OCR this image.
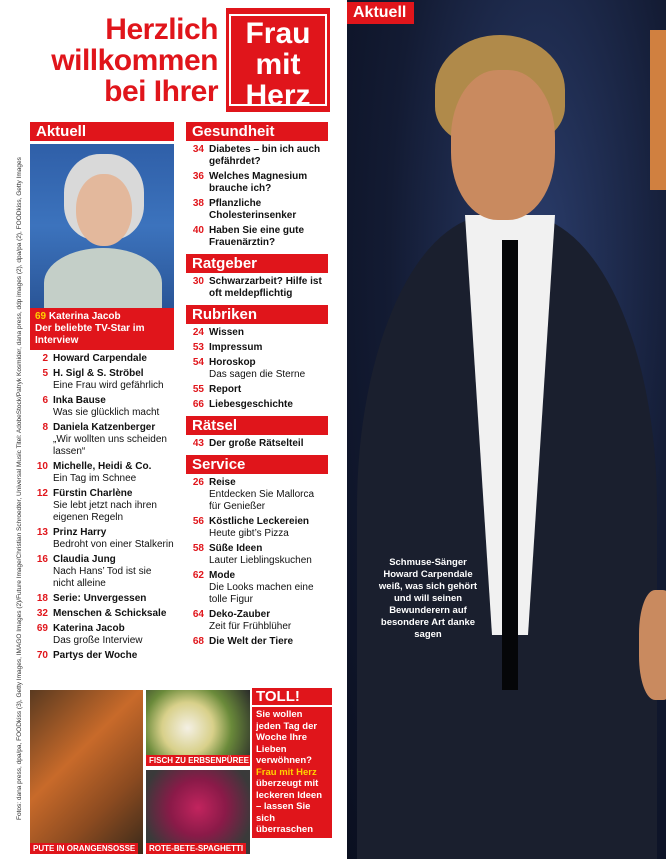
Fotos: dana press, dpa/pa, FOODkiss (3), Getty Images, IMAGO Images (2)/Future Image/Christian Schroedter, Universal Music Titel: AdobeStock/Patryk Kosmider, dana press, ddp images (2), dpa/pa (2), FOODkiss, Getty Images
Herzlich
willkommen
bei Ihrer
Frau
mit
Herz
Aktuell
69 Katerina Jacob
Der beliebte TV-Star im Interview
2 Howard Carpendale
5 H. Sigl & S. Ströbel
Eine Frau wird gefährlich
6 Inka Bause
Was sie glücklich macht
8 Daniela Katzenberger
„Wir wollten uns scheiden lassen“
10 Michelle, Heidi & Co.
Ein Tag im Schnee
12 Fürstin Charlène
Sie lebt jetzt nach ihren eigenen Regeln
13 Prinz Harry
Bedroht von einer Stalkerin
16 Claudia Jung
Nach Hans’ Tod ist sie nicht alleine
18 Serie: Unvergessen
32 Menschen & Schicksale
69 Katerina Jacob
Das große Interview
70 Partys der Woche
Gesundheit
34 Diabetes – bin ich auch gefährdet?
36 Welches Magnesium brauche ich?
38 Pflanzliche Cholesterinsenker
40 Haben Sie eine gute Frauenärztin?
Ratgeber
30 Schwarzarbeit? Hilfe ist oft meldepflichtig
Rubriken
24 Wissen
53 Impressum
54 Horoskop
Das sagen die Sterne
55 Report
66 Liebesgeschichte
Rätsel
43 Der große Rätselteil
Service
26 Reise
Entdecken Sie Mallorca für Genießer
56 Köstliche Leckereien
Heute gibt’s Pizza
58 Süße Ideen
Lauter Lieblingskuchen
62 Mode
Die Looks machen eine tolle Figur
64 Deko-Zauber
Zeit für Frühblüher
68 Die Welt der Tiere
PUTE IN ORANGENSOSSE
FISCH ZU ERBSENPÜREE
ROTE-BETE-SPAGHETTI
TOLL!
Sie wollen jeden Tag der Woche Ihre Lieben verwöhnen? Frau mit Herz überzeugt mit leckeren Ideen – lassen Sie sich überraschen
Aktuell
Schmuse-Sänger Howard Carpendale weiß, was sich gehört und will seinen Bewunderern auf besondere Art danke sagen
